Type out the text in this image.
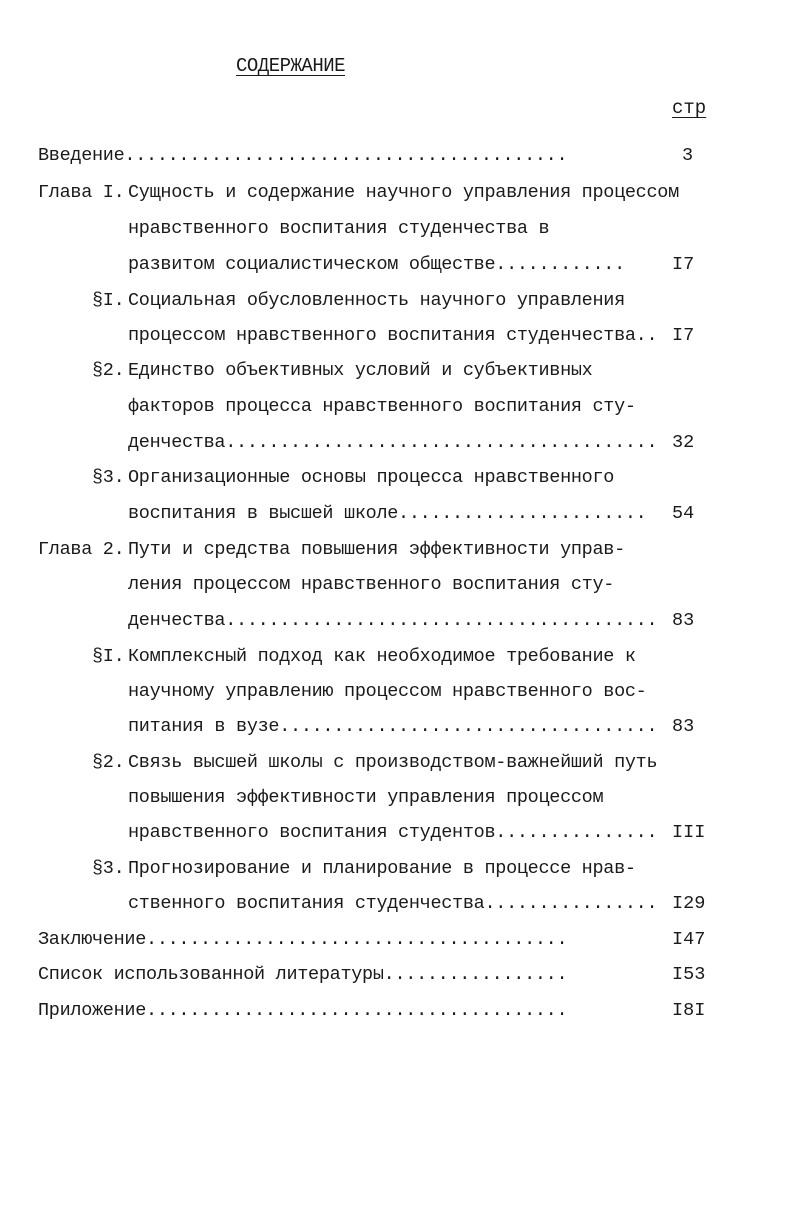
СОДЕРЖАНИЕ
стр
Введение.........................................	3
Глава I. Сущность и содержание научного управления процессом
нравственного воспитания студенчества в
развитом социалистическом обществе............	I7
§I. Социальная обусловленность научного управления
процессом нравственного воспитания студенчества.. I7
§2. Единство объективных условий и субъективных
факторов процесса нравственного воспитания сту-
денчества........................................ 32
§3. Организационные основы процесса нравственного
воспитания в высшей школе....................... 54
Глава 2. Пути и средства повышения эффективности управ-
ления процессом нравственного воспитания сту-
денчества........................................ 83
§I. Комплексный подход как необходимое требование к
научному управлению процессом нравственного вос-
питания в вузе................................... 83
§2. Связь высшей школы с производством-важнейший путь
повышения эффективности управления процессом
нравственного воспитания студентов............... III
§3. Прогнозирование и планирование в процессе нрав-
ственного воспитания студенчества................ I29
Заключение.......................................	I47
Список использованной литературы.................	I53
Приложение.......................................	I8I
